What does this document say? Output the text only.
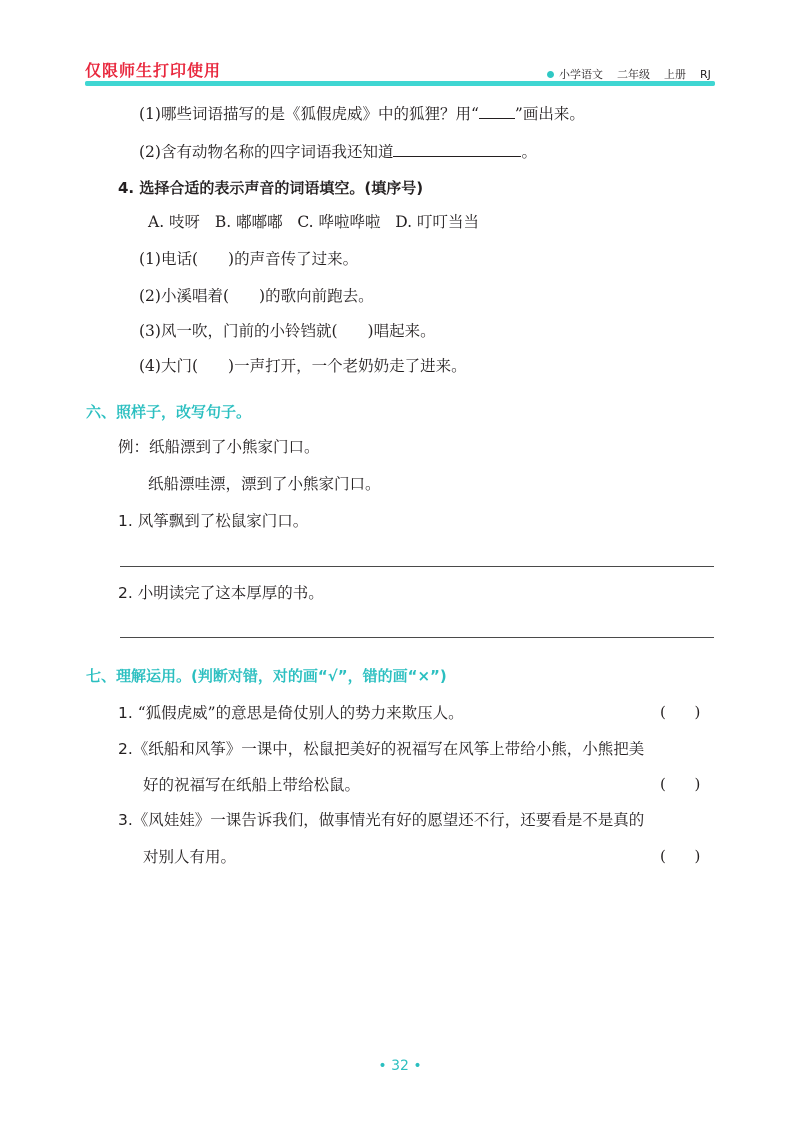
仅限师生打印使用	小学语文 二年级 上册 RJ
(1)哪些词语描写的是《狐假虎威》中的狐狸？用“ ”画出来。
(2)含有动物名称的四字词语我还知道	。
4. 选择合适的表示声音的词语填空。(填序号)
A. 吱呀   B. 嘟嘟嘟   C. 哗啦哗啦   D. 叮叮当当
(1)电话( )的声音传了过来。
(2)小溪唱着( )的歌向前跑去。
(3)风一吹，门前的小铃铛就( )唱起来。
(4)大门( )一声打开，一个老奶奶走了进来。
六、照样子，改写句子。
例：纸船漂到了小熊家门口。
纸船漂哇漂，漂到了小熊家门口。
1. 风筝飘到了松鼠家门口。
2. 小明读完了这本厚厚的书。
七、理解运用。(判断对错，对的画“√”，错的画“×”)
1. “狐假虎威”的意思是倚仗别人的势力来欺压人。	(      )
2.《纸船和风筝》一课中，松鼠把美好的祝福写在风筝上带给小熊，小熊把美
好的祝福写在纸船上带给松鼠。	(      )
3.《风娃娃》一课告诉我们，做事情光有好的愿望还不行，还要看是不是真的
对别人有用。	(      )
• 32 •
